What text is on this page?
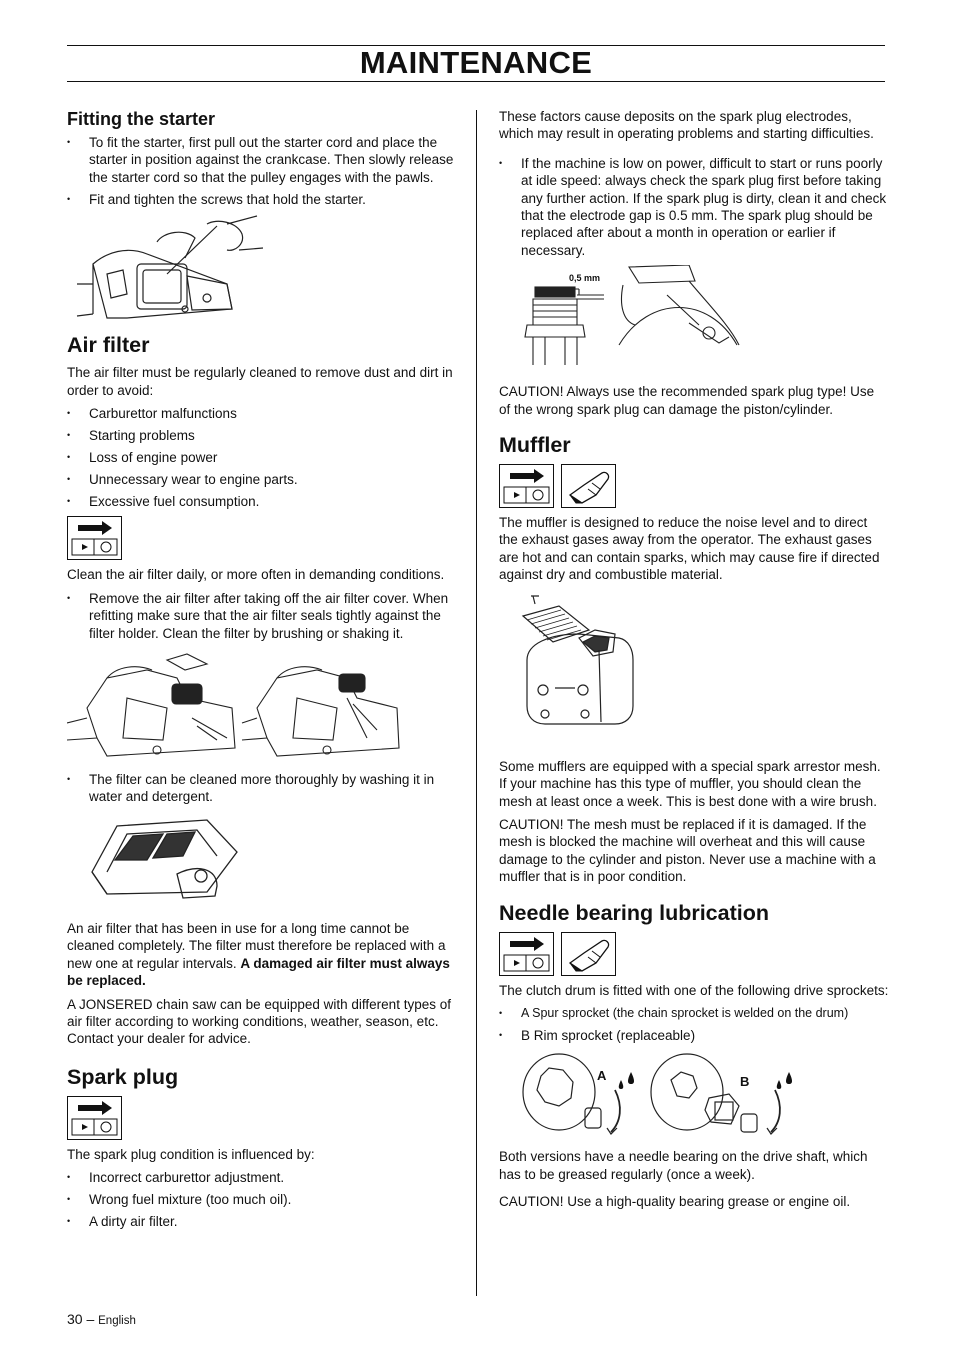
MAINTENANCE
Fitting the starter
• To fit the starter, first pull out the starter cord and place the starter in position against the crankcase. Then slowly release the starter cord so that the pulley engages with the pawls.
• Fit and tighten the screws that hold the starter.
Air filter

The air filter must be regularly cleaned to remove dust and dirt in order to avoid:

• Carburettor malfunctions
• Starting problems
• Loss of engine power
• Unnecessary wear to engine parts.
• Excessive fuel consumption.

Clean the air filter daily, or more often in demanding conditions.

• Remove the air filter after taking off the air filter cover. When refitting make sure that the air filter seals tightly against the filter holder. Clean the filter by brushing or shaking it.
• The filter can be cleaned more thoroughly by washing it in water and detergent.

An air filter that has been in use for a long time cannot be cleaned completely. The filter must therefore be replaced with a new one at regular intervals. A damaged air filter must always be replaced.

A JONSERED chain saw can be equipped with different types of air filter according to working conditions, weather, season, etc. Contact your dealer for advice.

Spark plug

The spark plug condition is influenced by:

• Incorrect carburettor adjustment.
• Wrong fuel mixture (too much oil).
• A dirty air filter.

These factors cause deposits on the spark plug electrodes, which may result in operating problems and starting difficulties.

• If the machine is low on power, difficult to start or runs poorly at idle speed: always check the spark plug first before taking any further action. If the spark plug is dirty, clean it and check that the electrode gap is 0.5 mm. The spark plug should be replaced after about a month in operation or earlier if necessary.
0,5 mm

CAUTION! Always use the recommended spark plug type! Use of the wrong spark plug can damage the piston/cylinder.

Muffler

The muffler is designed to reduce the noise level and to direct the exhaust gases away from the operator. The exhaust gases are hot and can contain sparks, which may cause fire if directed against dry and combustible material.

Some mufflers are equipped with a special spark arrestor mesh. If your machine has this type of muffler, you should clean the mesh at least once a week. This is best done with a wire brush.

CAUTION! The mesh must be replaced if it is damaged. If the mesh is blocked the machine will overheat and this will cause damage to the cylinder and piston. Never use a machine with a muffler that is in poor condition.

Needle bearing lubrication

The clutch drum is fitted with one of the following drive sprockets:

• A Spur sprocket (the chain sprocket is welded on the drum)
• B Rim sprocket (replaceable)
A	B

Both versions have a needle bearing on the drive shaft, which has to be greased regularly (once a week).

CAUTION! Use a high-quality bearing grease or engine oil.

30 – English
